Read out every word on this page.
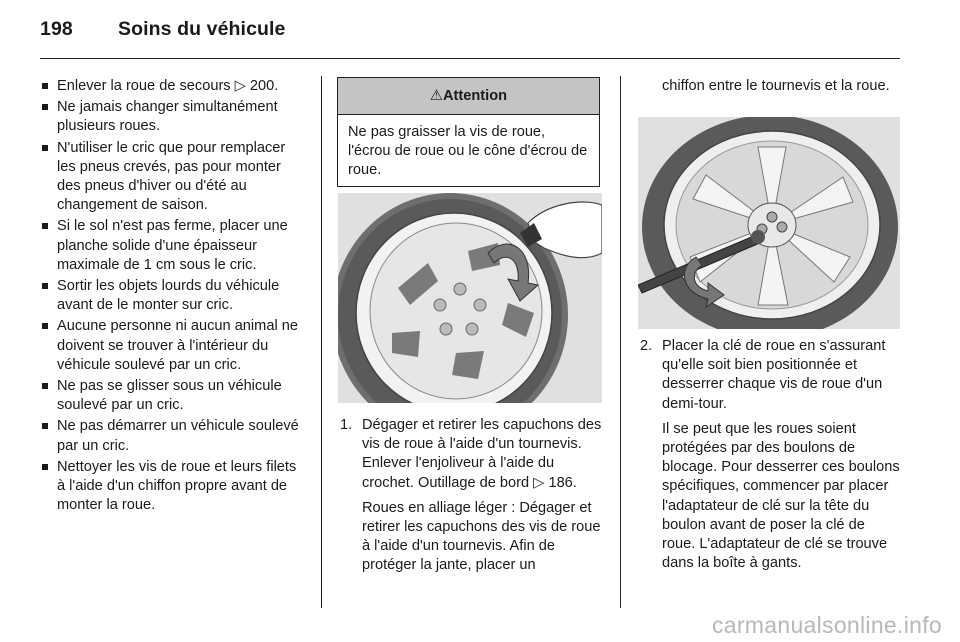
198 Soins du véhicule
Enlever la roue de secours ▷ 200.
Ne jamais changer simultanément plusieurs roues.
N'utiliser le cric que pour remplacer les pneus crevés, pas pour monter des pneus d'hiver ou d'été au changement de saison.
Si le sol n'est pas ferme, placer une planche solide d'une épaisseur maximale de 1 cm sous le cric.
Sortir les objets lourds du véhicule avant de le monter sur cric.
Aucune personne ni aucun animal ne doivent se trouver à l'intérieur du véhicule soulevé par un cric.
Ne pas se glisser sous un véhicule soulevé par un cric.
Ne pas démarrer un véhicule soulevé par un cric.
Nettoyer les vis de roue et leurs filets à l'aide d'un chiffon propre avant de monter la roue.
⚠Attention
Ne pas graisser la vis de roue, l'écrou de roue ou le cône d'écrou de roue.
1. Dégager et retirer les capuchons des vis de roue à l'aide d'un tournevis. Enlever l'enjoliveur à l'aide du crochet. Outillage de bord ▷ 186.
Roues en alliage léger : Dégager et retirer les capuchons des vis de roue à l'aide d'un tournevis. Afin de protéger la jante, placer un
chiffon entre le tournevis et la roue.
2. Placer la clé de roue en s'assurant qu'elle soit bien positionnée et desserrer chaque vis de roue d'un demi-tour.
Il se peut que les roues soient protégées par des boulons de blocage. Pour desserrer ces boulons spécifiques, commencer par placer l'adaptateur de clé sur la tête du boulon avant de poser la clé de roue. L'adaptateur de clé se trouve dans la boîte à gants.
carmanualsonline.info
